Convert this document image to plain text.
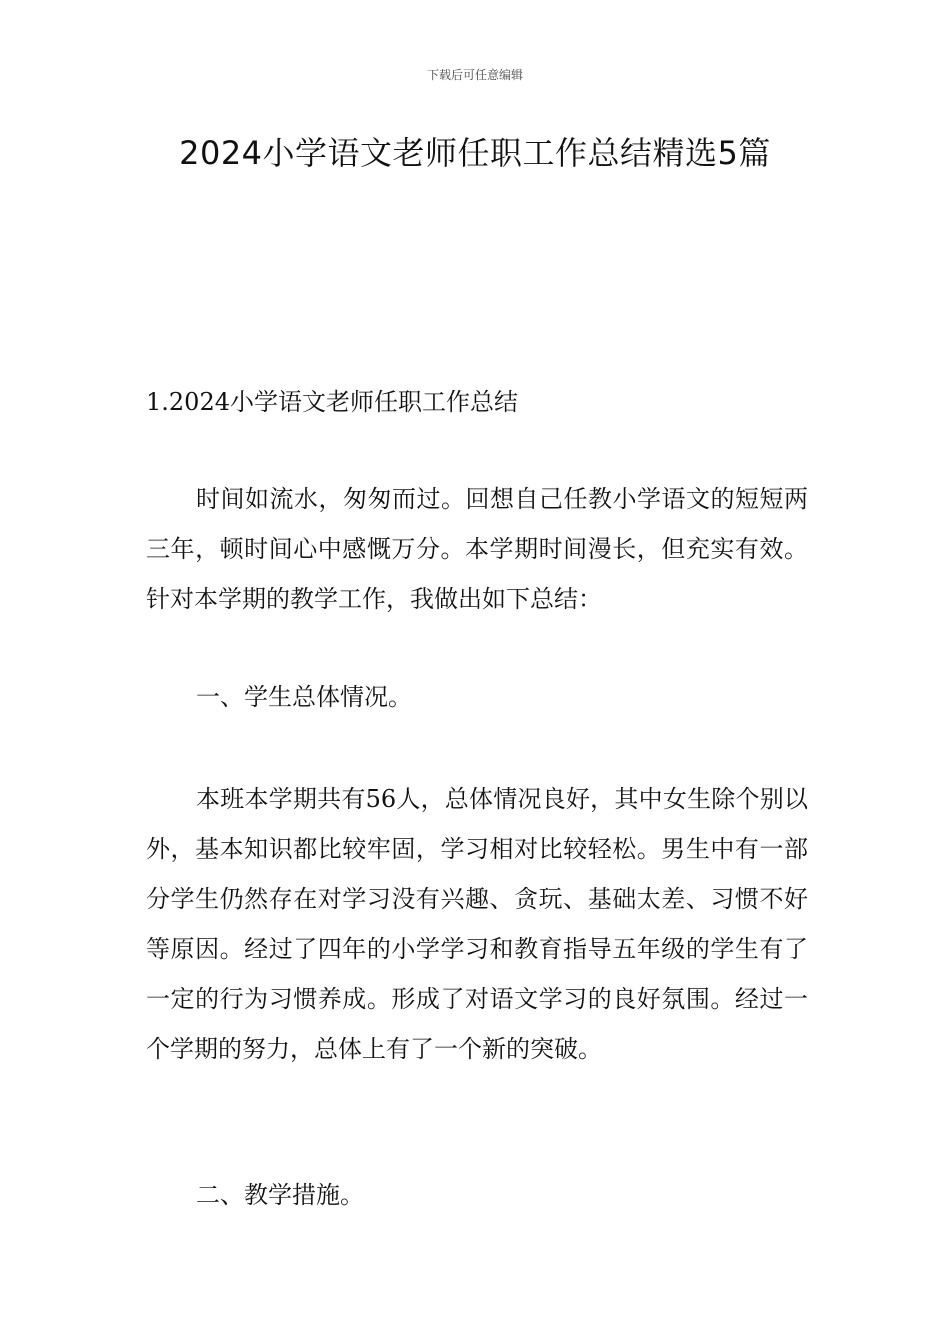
下载后可任意编辑
2024小学语文老师任职工作总结精选5篇
1.2024小学语文老师任职工作总结

时间如流水，匆匆而过。回想自己任教小学语文的短短两三年，顿时间心中感慨万分。本学期时间漫长，但充实有效。针对本学期的教学工作，我做出如下总结：

一、学生总体情况。

本班本学期共有56人，总体情况良好，其中女生除个别以外，基本知识都比较牢固，学习相对比较轻松。男生中有一部分学生仍然存在对学习没有兴趣、贪玩、基础太差、习惯不好等原因。经过了四年的小学学习和教育指导五年级的学生有了一定的行为习惯养成。形成了对语文学习的良好氛围。经过一个学期的努力，总体上有了一个新的突破。

二、教学措施。
